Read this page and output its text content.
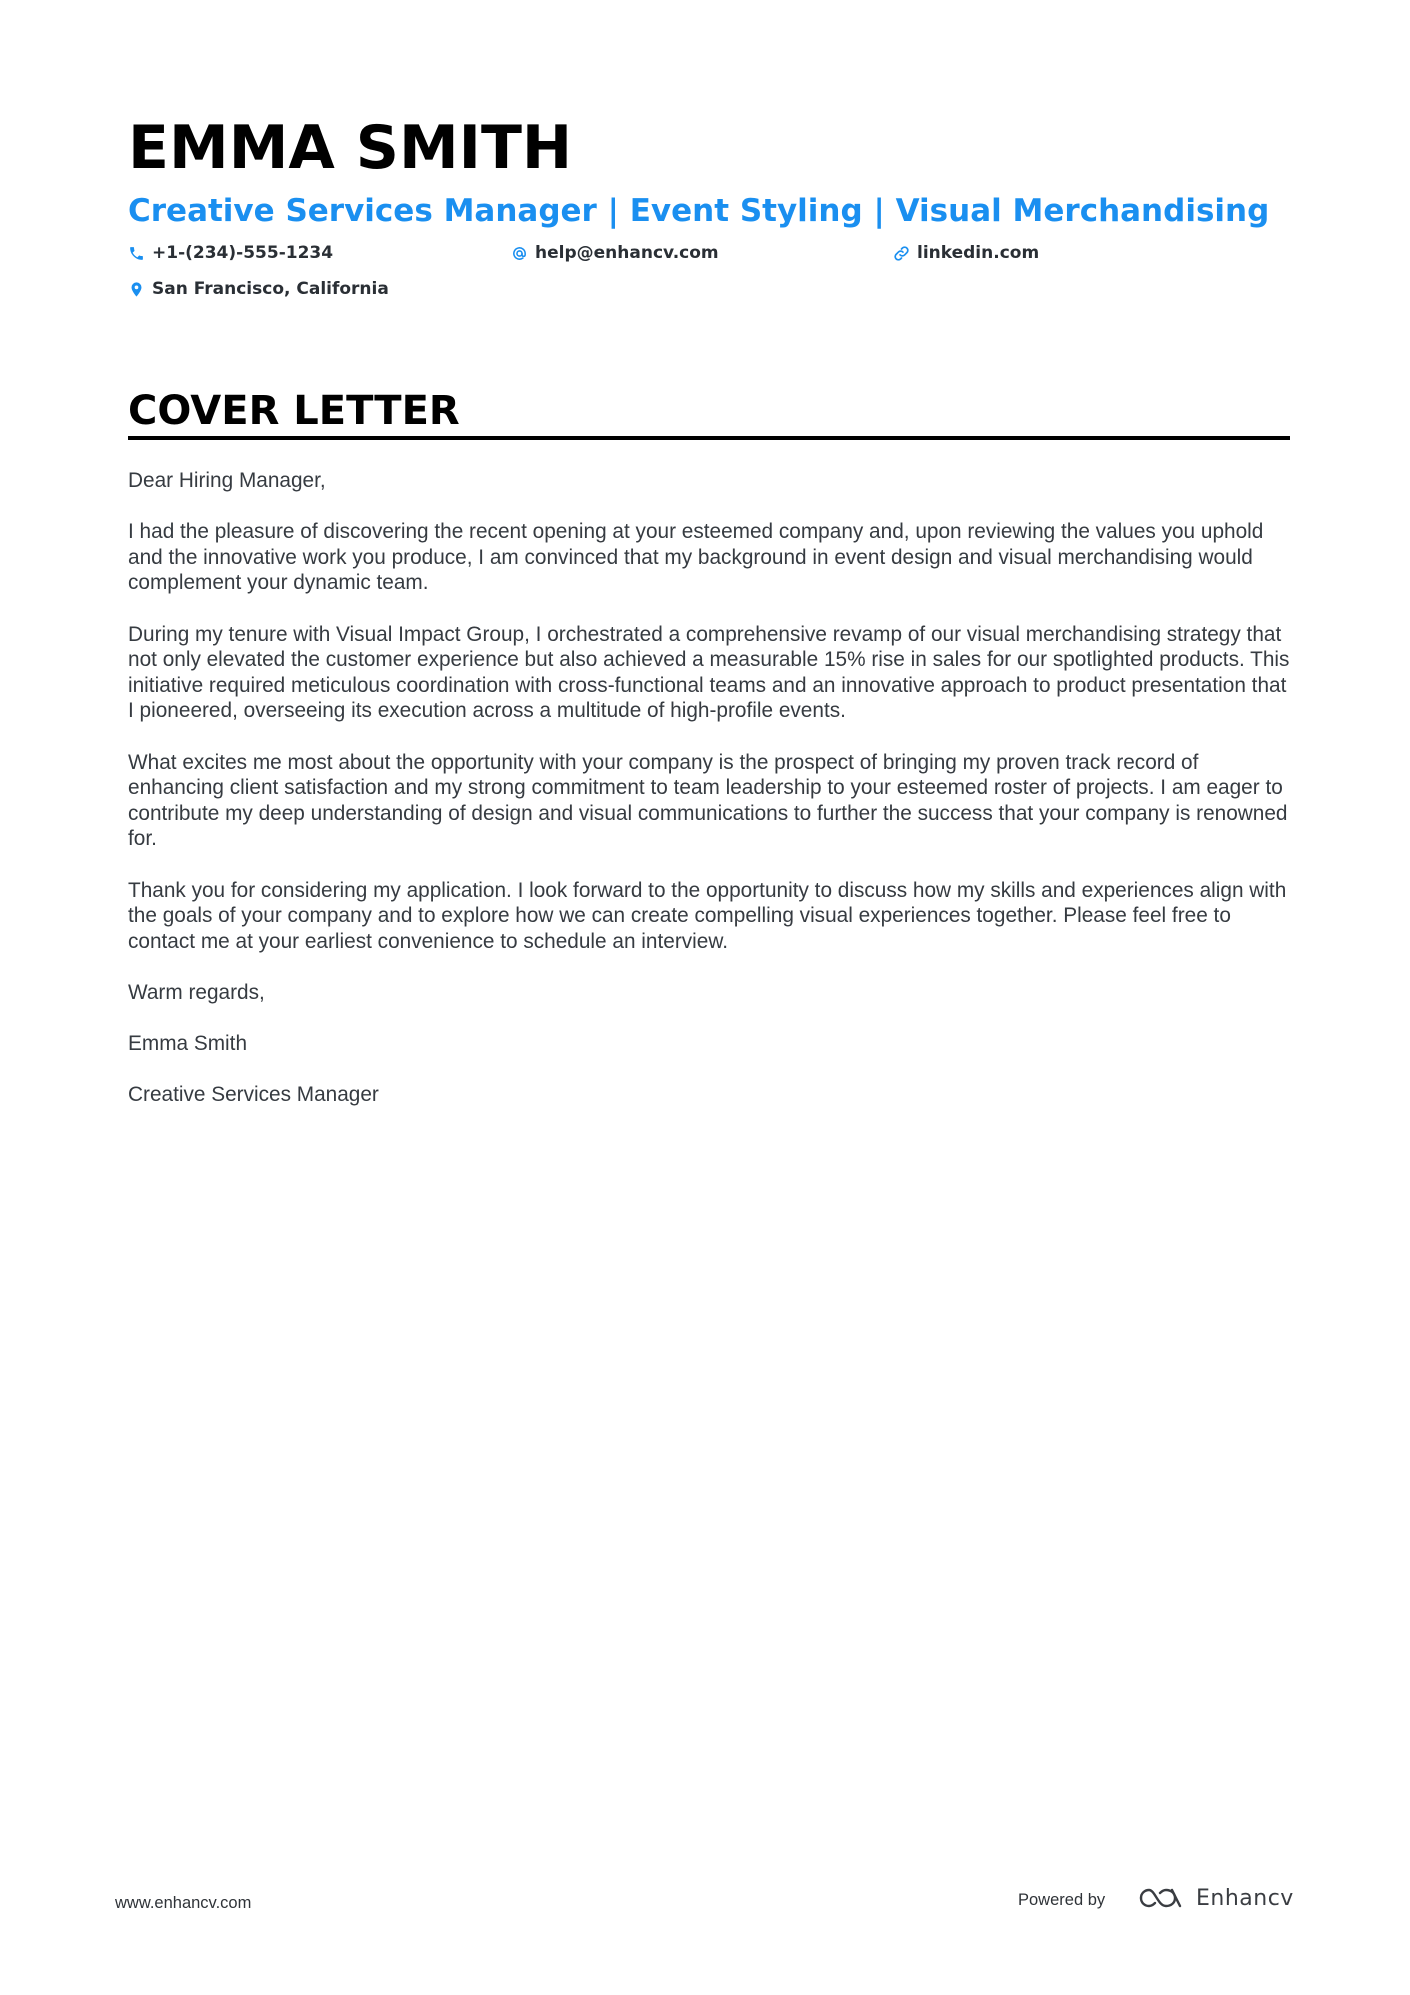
EMMA SMITH
Creative Services Manager | Event Styling | Visual Merchandising
+1-(234)-555-1234	help@enhancv.com	linkedin.com
San Francisco, California
COVER LETTER

Dear Hiring Manager,

I had the pleasure of discovering the recent opening at your esteemed company and, upon reviewing the values you uphold and the innovative work you produce, I am convinced that my background in event design and visual merchandising would complement your dynamic team.

During my tenure with Visual Impact Group, I orchestrated a comprehensive revamp of our visual merchandising strategy that not only elevated the customer experience but also achieved a measurable 15% rise in sales for our spotlighted products. This initiative required meticulous coordination with cross-functional teams and an innovative approach to product presentation that I pioneered, overseeing its execution across a multitude of high-profile events.

What excites me most about the opportunity with your company is the prospect of bringing my proven track record of enhancing client satisfaction and my strong commitment to team leadership to your esteemed roster of projects. I am eager to contribute my deep understanding of design and visual communications to further the success that your company is renowned for.

Thank you for considering my application. I look forward to the opportunity to discuss how my skills and experiences align with the goals of your company and to explore how we can create compelling visual experiences together. Please feel free to contact me at your earliest convenience to schedule an interview.

Warm regards,

Emma Smith

Creative Services Manager

www.enhancv.com	Powered by	Enhancv
